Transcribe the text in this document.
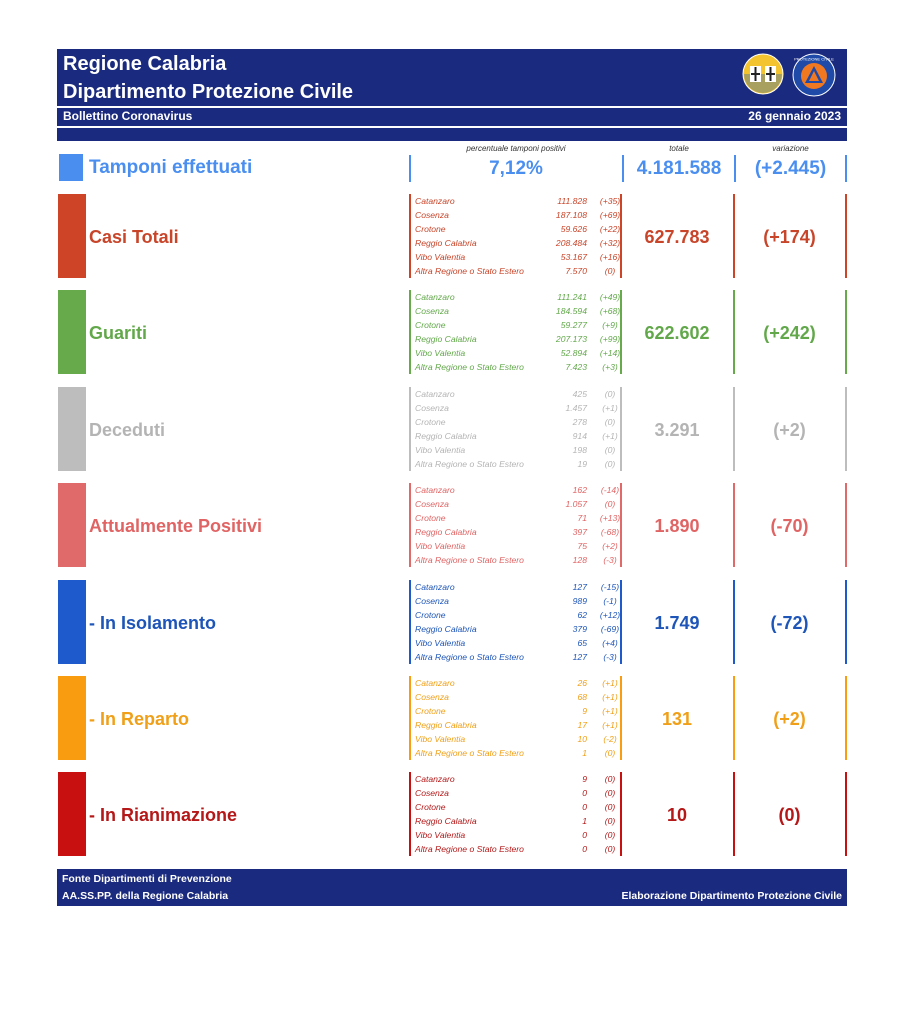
Regione Calabria
Dipartimento Protezione Civile
Bollettino Coronavirus	26 gennaio 2023
PROTEZIONE CIVILE
Tamponi effettuati
percentuale tamponi positivi
7,12%
totale
4.181.588
variazione
(+2.445)
Casi Totali
Catanzaro	111.828	(+35)
Cosenza	187.108	(+69)
Crotone	59.626	(+22)
Reggio Calabria	208.484	(+32)
Vibo Valentia	53.167	(+16)
Altra Regione o Stato Estero	7.570	(0)
627.783	(+174)
Guariti
Catanzaro	111.241	(+49)
Cosenza	184.594	(+68)
Crotone	59.277	(+9)
Reggio Calabria	207.173	(+99)
Vibo Valentia	52.894	(+14)
Altra Regione o Stato Estero	7.423	(+3)
622.602	(+242)
Deceduti
Catanzaro	425	(0)
Cosenza	1.457	(+1)
Crotone	278	(0)
Reggio Calabria	914	(+1)
Vibo Valentia	198	(0)
Altra Regione o Stato Estero	19	(0)
3.291	(+2)
Attualmente Positivi
Catanzaro	162	(-14)
Cosenza	1.057	(0)
Crotone	71	(+13)
Reggio Calabria	397	(-68)
Vibo Valentia	75	(+2)
Altra Regione o Stato Estero	128	(-3)
1.890	(-70)
- In Isolamento
Catanzaro	127	(-15)
Cosenza	989	(-1)
Crotone	62	(+12)
Reggio Calabria	379	(-69)
Vibo Valentia	65	(+4)
Altra Regione o Stato Estero	127	(-3)
1.749	(-72)
- In Reparto
Catanzaro	26	(+1)
Cosenza	68	(+1)
Crotone	9	(+1)
Reggio Calabria	17	(+1)
Vibo Valentia	10	(-2)
Altra Regione o Stato Estero	1	(0)
131	(+2)
- In Rianimazione
Catanzaro	9	(0)
Cosenza	0	(0)
Crotone	0	(0)
Reggio Calabria	1	(0)
Vibo Valentia	0	(0)
Altra Regione o Stato Estero	0	(0)
10	(0)
Fonte Dipartimenti di Prevenzione
AA.SS.PP. della Regione Calabria	Elaborazione Dipartimento Protezione Civile
